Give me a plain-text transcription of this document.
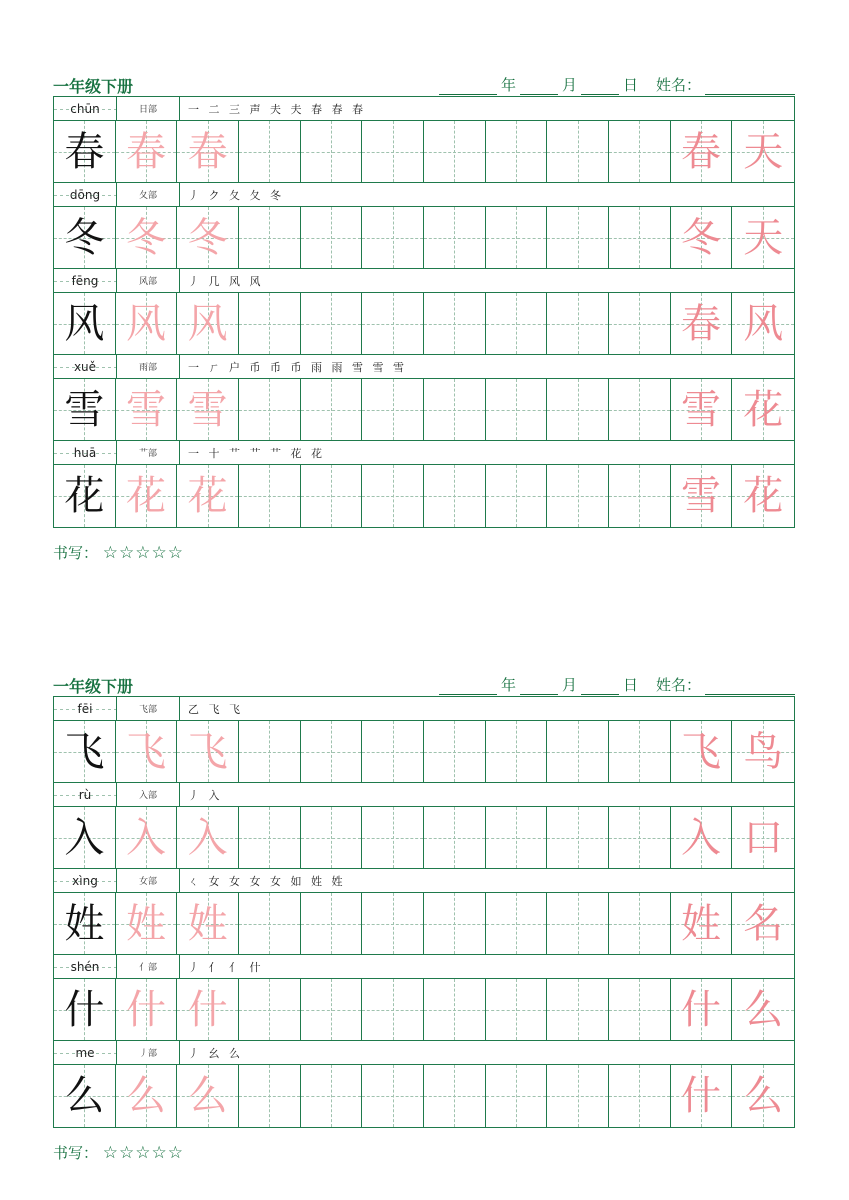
一年级下册	年	月	日 姓名：
chūn	日部	一 二 三 声 夫 夫 春 春 春
春 春 春	春 天
dōng	夂部	丿 ク 夂 夂 冬
冬 冬 冬	冬 天
fēng	风部	丿 几 风 风
风 风 风	春 风
xuě	雨部	一 ㄏ 户 币 币 币 雨 雨 雪 雪 雪
雪 雪 雪	雪 花
huā	艹部	一 十 艹 艹 艹 花 花
花 花 花	雪 花
书写： ☆☆☆☆☆
一年级下册	年	月	日 姓名：
fēi	飞部	乙 飞 飞
飞 飞 飞	飞 鸟
rù	入部	丿 入
入 入 入	入 口
xìng	女部	ㄑ 女 女 女 女 如 姓 姓
姓 姓 姓	姓 名
shén	亻部	丿 亻 亻 什
什 什 什	什 么
me	丿部	丿 幺 么
么 么 么	什 么
书写： ☆☆☆☆☆
